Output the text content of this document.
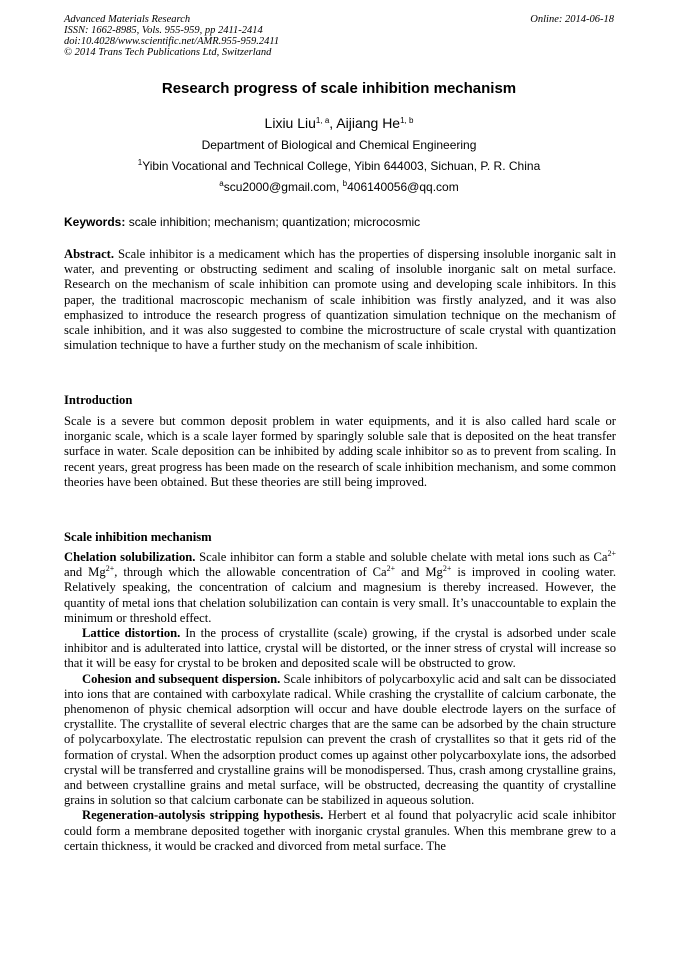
Advanced Materials Research
ISSN: 1662-8985, Vols. 955-959, pp 2411-2414
doi:10.4028/www.scientific.net/AMR.955-959.2411
© 2014 Trans Tech Publications Ltd, Switzerland
Online: 2014-06-18
Research progress of scale inhibition mechanism
Lixiu Liu$^{1, a}$, Aijiang He$^{1, b}$
Department of Biological and Chemical Engineering
$^1$Yibin Vocational and Technical College, Yibin 644003, Sichuan, P. R. China
$^a$scu2000@gmail.com, $^b$406140056@qq.com
Keywords: scale inhibition; mechanism; quantization; microcosmic

Abstract. Scale inhibitor is a medicament which has the properties of dispersing insoluble inorganic salt in water, and preventing or obstructing sediment and scaling of insoluble inorganic salt on metal surface. Research on the mechanism of scale inhibition can promote using and developing scale inhibitors. In this paper, the traditional macroscopic mechanism of scale inhibition was firstly analyzed, and it was also emphasized to introduce the research progress of quantization simulation technique on the mechanism of scale inhibition, and it was also suggested to combine the microstructure of scale crystal with quantization simulation technique to have a further study on the mechanism of scale inhibition.

Introduction

Scale is a severe but common deposit problem in water equipments, and it is also called hard scale or inorganic scale, which is a scale layer formed by sparingly soluble sale that is deposited on the heat transfer surface in water. Scale deposition can be inhibited by adding scale inhibitor so as to prevent from scaling. In recent years, great progress has been made on the research of scale inhibition mechanism, and some common theories have been obtained. But these theories are still being improved.

Scale inhibition mechanism

Chelation solubilization. Scale inhibitor can form a stable and soluble chelate with metal ions such as $Ca^{2+}$ and $Mg^{2+}$, through which the allowable concentration of $Ca^{2+}$ and $Mg^{2+}$ is improved in cooling water. Relatively speaking, the concentration of calcium and magnesium is thereby increased. However, the quantity of metal ions that chelation solubilization can contain is very small. It’s unaccountable to explain the minimum or threshold effect.

Lattice distortion. In the process of crystallite (scale) growing, if the crystal is adsorbed under scale inhibitor and is adulterated into lattice, crystal will be distorted, or the inner stress of crystal will increase so that it will be easy for crystal to be broken and deposited scale will be obstructed to grow.

Cohesion and subsequent dispersion. Scale inhibitors of polycarboxylic acid and salt can be dissociated into ions that are contained with carboxylate radical. While crashing the crystallite of calcium carbonate, the phenomenon of physic chemical adsorption will occur and have double electrode layers on the surface of crystallite. The crystallite of several electric charges that are the same can be adsorbed by the chain structure of polycarboxylate. The electrostatic repulsion can prevent the crash of crystallites so that it gets rid of the formation of crystal. When the adsorption product comes up against other polycarboxylate ions, the adsorbed crystal will be transferred and crystalline grains will be monodispersed. Thus, crash among crystalline grains, and between crystalline grains and metal surface, will be obstructed, decreasing the quantity of crystalline grains in solution so that calcium carbonate can be stabilized in aqueous solution.

Regeneration-autolysis stripping hypothesis. Herbert et al found that polyacrylic acid scale inhibitor could form a membrane deposited together with inorganic crystal granules. When this membrane grew to a certain thickness, it would be cracked and divorced from metal surface. The
